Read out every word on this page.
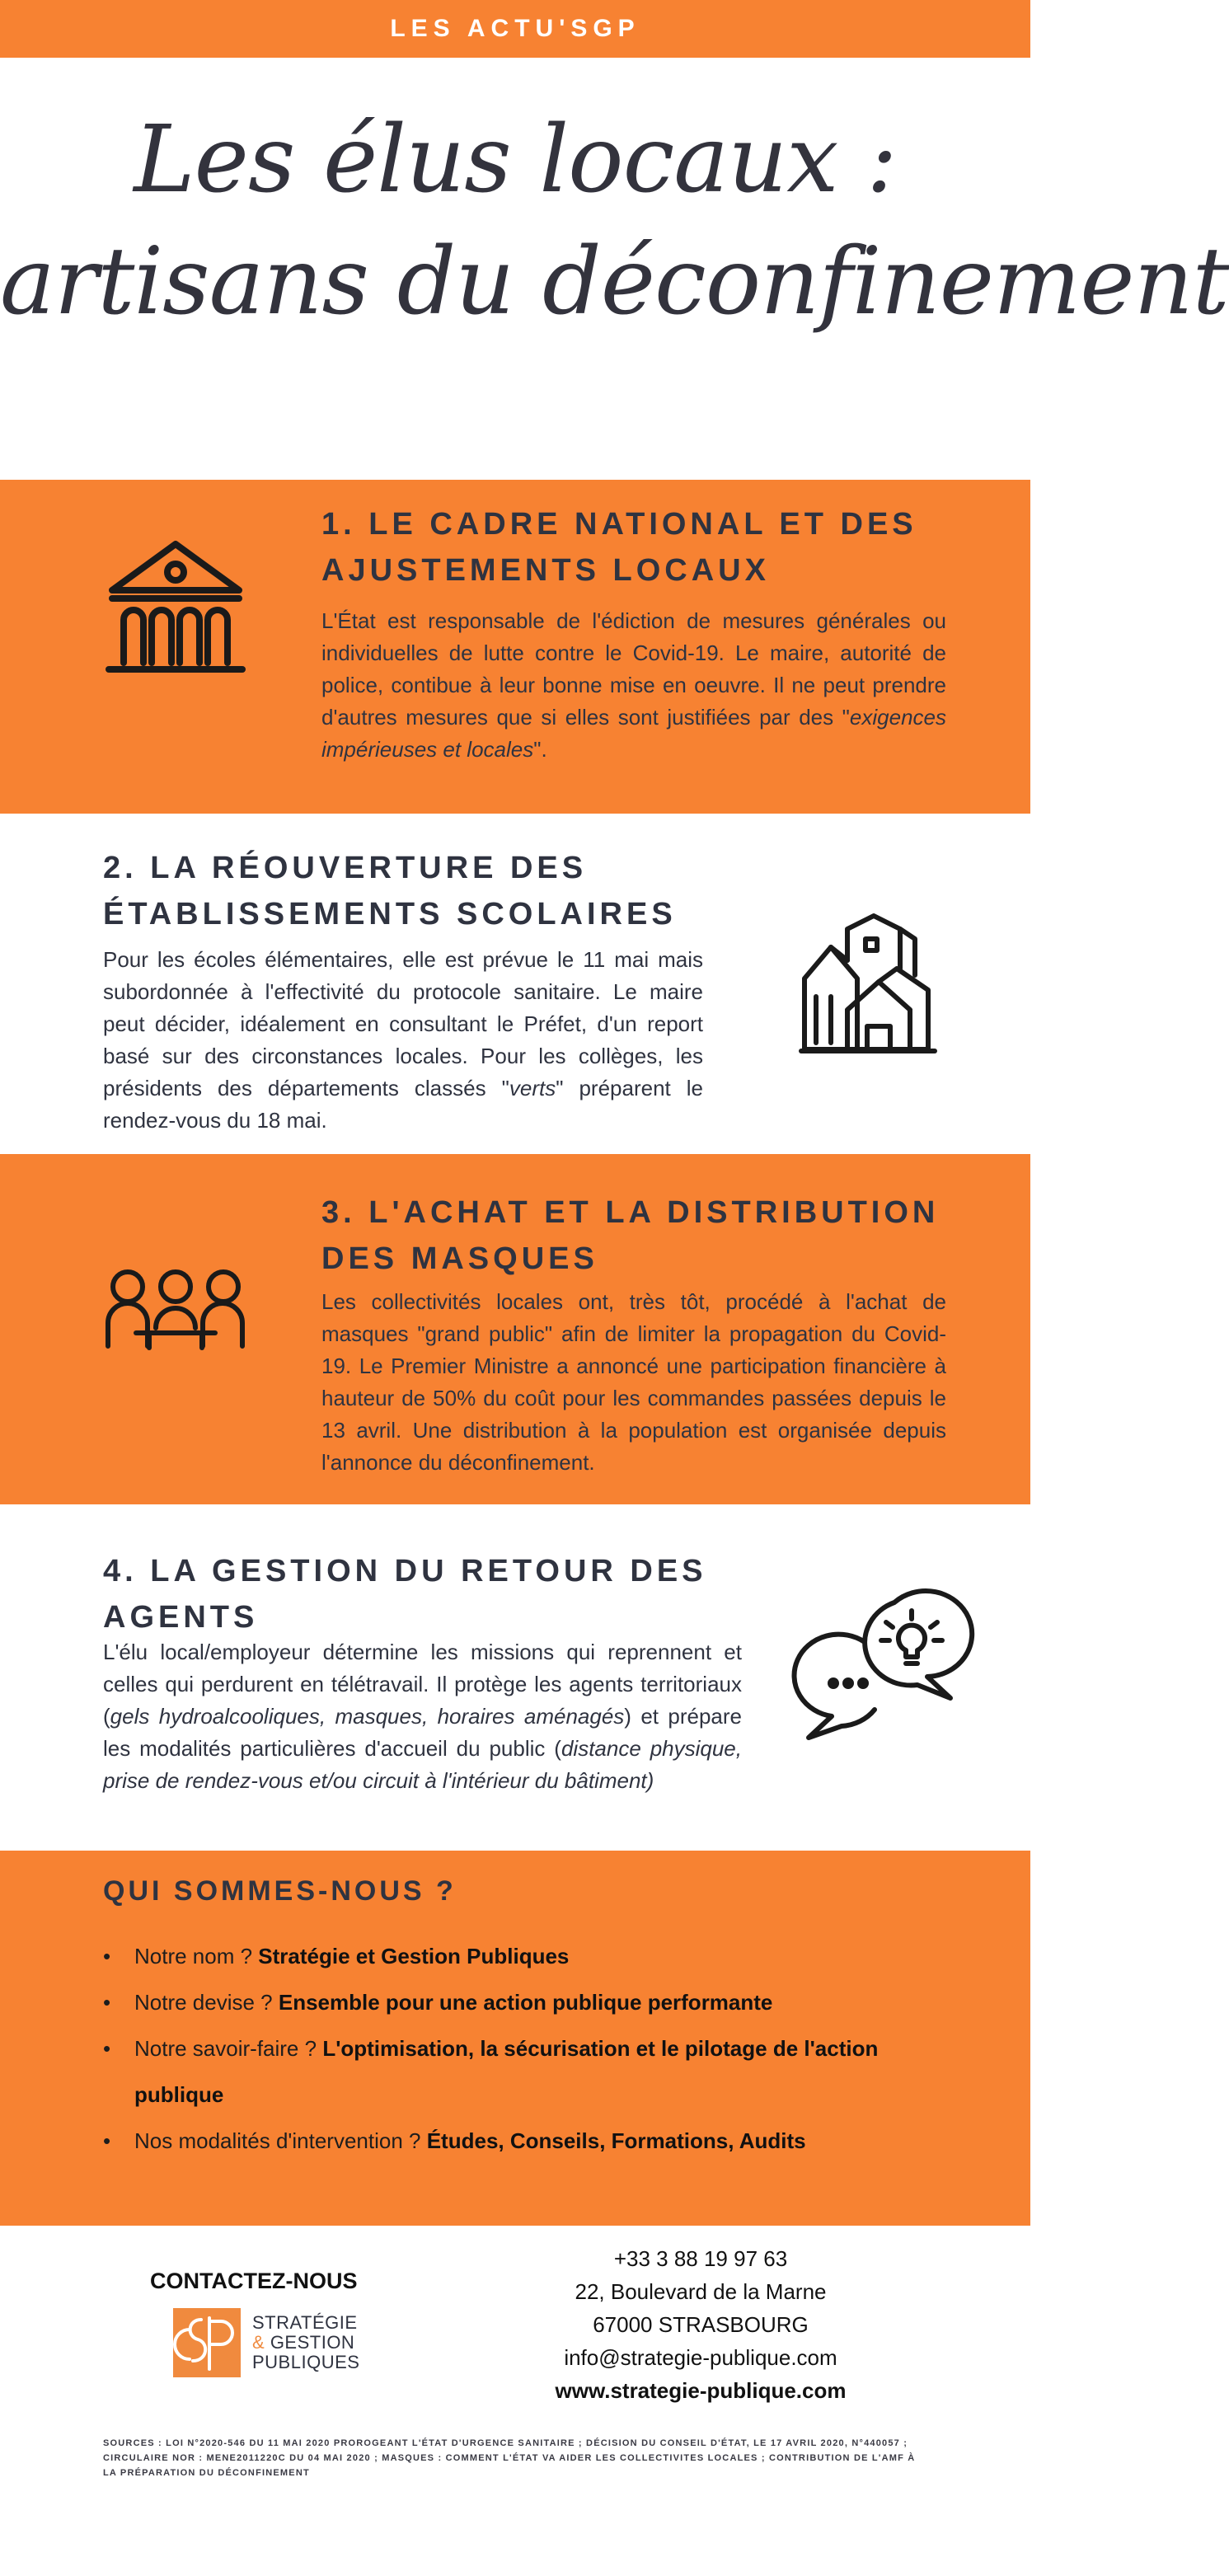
LES ACTU'SGP
Les élus locaux :
artisans du déconfinement
1. LE CADRE NATIONAL ET DES
AJUSTEMENTS LOCAUX
L'État est responsable de l'édiction de mesures générales ou individuelles de lutte contre le Covid-19. Le maire, autorité de police, contibue à leur bonne mise en oeuvre. Il ne peut prendre d'autres mesures que si elles sont justifiées par des "exigences impérieuses et locales".
2. LA RÉOUVERTURE DES
ÉTABLISSEMENTS SCOLAIRES
Pour les écoles élémentaires, elle est prévue le 11 mai mais subordonnée à l'effectivité du protocole sanitaire. Le maire peut décider, idéalement en consultant le Préfet, d'un report basé sur des circonstances locales. Pour les collèges, les présidents des départements classés "verts" préparent le rendez-vous du 18 mai.
3. L'ACHAT ET LA DISTRIBUTION
DES MASQUES
Les collectivités locales ont, très tôt, procédé à l'achat de masques "grand public" afin de limiter la propagation du Covid-19. Le Premier Ministre a annoncé une participation financière à hauteur de 50% du coût pour les commandes passées depuis le 13 avril. Une distribution à la population est organisée depuis l'annonce du déconfinement.
4. LA GESTION DU RETOUR DES
AGENTS
L'élu local/employeur détermine les missions qui reprennent et celles qui perdurent en télétravail. Il protège les agents territoriaux (gels hydroalcooliques, masques, horaires aménagés) et prépare les modalités particulières d'accueil du public (distance physique, prise de rendez-vous et/ou circuit à l'intérieur du bâtiment)
QUI SOMMES-NOUS ?
• Notre nom ? Stratégie et Gestion Publiques
• Notre devise ? Ensemble pour une action publique performante
• Notre savoir-faire ? L'optimisation, la sécurisation et le pilotage de l'action publique
• Nos modalités d'intervention ? Études, Conseils, Formations, Audits
CONTACTEZ-NOUS
STRATÉGIE
& GESTION
PUBLIQUES
+33 3 88 19 97 63
22, Boulevard de la Marne
67000 STRASBOURG
info@strategie-publique.com
www.strategie-publique.com
SOURCES : LOI N°2020-546 DU 11 MAI 2020 PROROGEANT L'ÉTAT D'URGENCE SANITAIRE ; DÉCISION DU CONSEIL D'ÉTAT, LE 17 AVRIL 2020, N°440057 ; CIRCULAIRE NOR : MENE2011220C DU 04 MAI 2020 ; MASQUES : COMMENT L'ÉTAT VA AIDER LES COLLECTIVITES LOCALES ; CONTRIBUTION DE L'AMF À LA PRÉPARATION DU DÉCONFINEMENT
